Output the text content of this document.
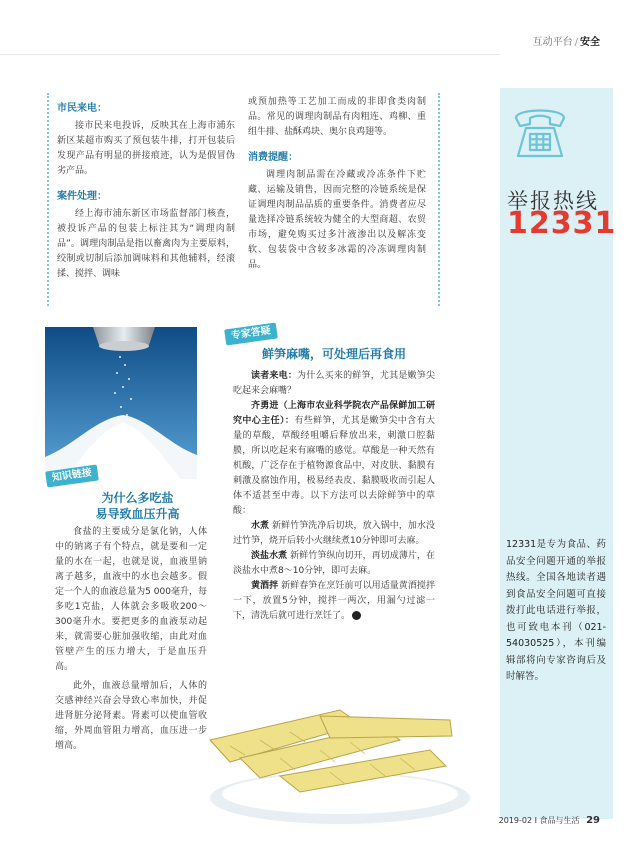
互动平台 / 安全

市民来电：

接市民来电投诉，反映其在上海市浦东新区某超市购买了预包装牛排，打开包装后发现产品有明显的拼接痕迹，认为是假冒伪劣产品。

案件处理：

经上海市浦东新区市场监督部门核查，被投诉产品的包装上标注其为“调理肉制品”。调理肉制品是指以畜禽肉为主要原料，绞制或切制后添加调味料和其他辅料，经滚揉、搅拌、调味

或预加热等工艺加工而成的非即食类肉制品。常见的调理肉制品有肉粗连、鸡柳、重组牛排、盐酥鸡块、奥尔良鸡翅等。

消费提醒：

调理肉制品需在冷藏或冷冻条件下贮藏、运输及销售，因而完整的冷链系统是保证调理肉制品品质的重要条件。消费者应尽量选择冷链系统较为健全的大型商超、农贸市场，避免购买过多汁液渗出以及解冻变软、包装袋中含较多冰霜的冷冻调理肉制品。

举报热线
12331
12331是专为食品、药品安全问题开通的举报热线。全国各地读者遇到食品安全问题可直接拨打此电话进行举报，也可致电本刊（021-54030525），本刊编辑部将向专家咨询后及时解答。
知识链接
为什么多吃盐
易导致血压升高

食盐的主要成分是氯化钠，人体中的钠离子有个特点，就是要和一定量的水在一起，也就是说，血液里钠离子越多，血液中的水也会越多。假定一个人的血液总量为5 000毫升，每多吃1克盐，人体就会多吸收200～300毫升水。要把更多的血液泵动起来，就需要心脏加强收缩，由此对血管壁产生的压力增大，于是血压升高。

此外，血液总量增加后，人体的交感神经兴奋会导致心率加快，并促进肾脏分泌肾素。肾素可以使血管收缩，外周血管阻力增高，血压进一步增高。

专家答疑
鲜笋麻嘴，可处理后再食用

读者来电：为什么买来的鲜笋，尤其是嫩笋尖吃起来会麻嘴？

齐勇进（上海市农业科学院农产品保鲜加工研究中心主任）：有些鲜笋，尤其是嫩笋尖中含有大量的草酸，草酸经咀嚼后释放出来，刺激口腔黏膜，所以吃起来有麻嘴的感觉。草酸是一种天然有机酸，广泛存在于植物源食品中，对皮肤、黏膜有刺激及腐蚀作用，极易经表皮、黏膜吸收而引起人体不适甚至中毒。以下方法可以去除鲜笋中的草酸：

水煮 新鲜竹笋洗净后切块，放入锅中，加水没过竹笋，烧开后转小火继续煮10分钟即可去麻。

淡盐水煮 新鲜竹笋纵向切开，再切成薄片，在淡盐水中煮8～10分钟，即可去麻。

黄酒拌 新鲜春笋在烹饪前可以用适量黄酒搅拌一下，放置5分钟，搅拌一两次，用漏勺过滤一下，清洗后就可进行烹饪了。

2019-02 I 食品与生活 29
